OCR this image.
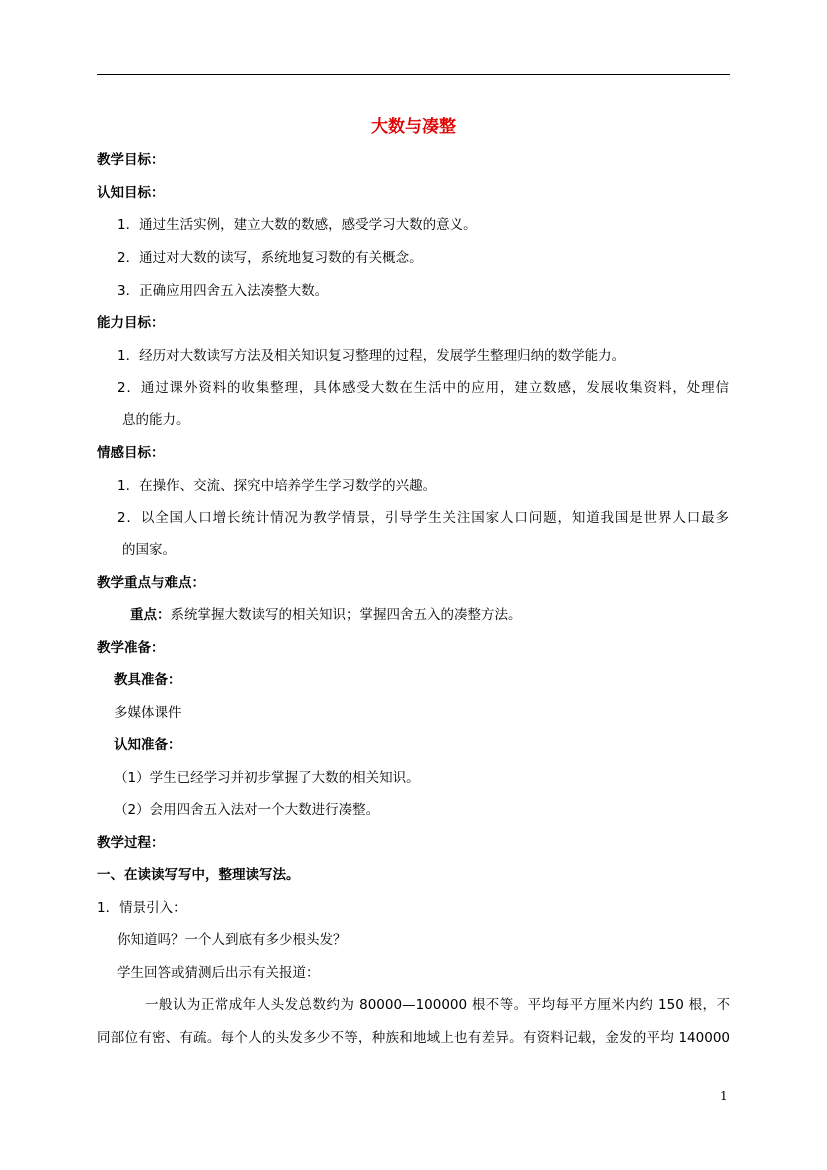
大数与凑整
教学目标：
认知目标：
1．通过生活实例，建立大数的数感，感受学习大数的意义。
2．通过对大数的读写，系统地复习数的有关概念。
3．正确应用四舍五入法凑整大数。
能力目标：
1．经历对大数读写方法及相关知识复习整理的过程，发展学生整理归纳的数学能力。
2．通过课外资料的收集整理，具体感受大数在生活中的应用，建立数感，发展收集资料，处理信
息的能力。
情感目标：
1．在操作、交流、探究中培养学生学习数学的兴趣。
2．以全国人口增长统计情况为教学情景，引导学生关注国家人口问题，知道我国是世界人口最多
的国家。
教学重点与难点：
重点：系统掌握大数读写的相关知识；掌握四舍五入的凑整方法。
教学准备：
教具准备：
多媒体课件
认知准备：
（1）学生已经学习并初步掌握了大数的相关知识。
（2）会用四舍五入法对一个大数进行凑整。
教学过程：
一、在读读写写中，整理读写法。
1．情景引入：
你知道吗？一个人到底有多少根头发？
学生回答或猜测后出示有关报道：
一般认为正常成年人头发总数约为 80000—100000 根不等。平均每平方厘米内约 150 根，不
同部位有密、有疏。每个人的头发多少不等，种族和地域上也有差异。有资料记载，金发的平均 140000
1
